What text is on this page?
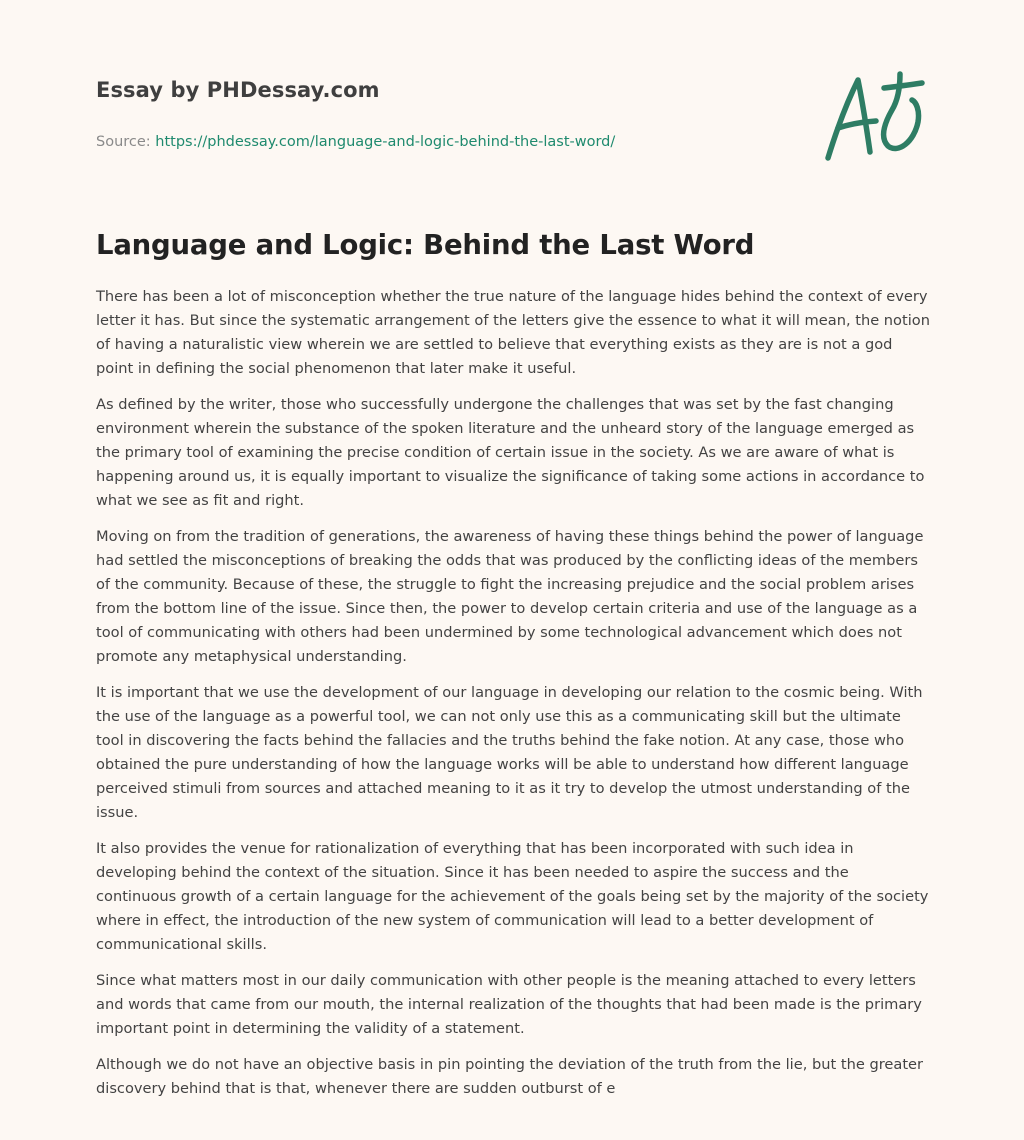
Essay by PHDessay.com
Source: https://phdessay.com/language-and-logic-behind-the-last-word/
Language and Logic: Behind the Last Word

There has been a lot of misconception whether the true nature of the language hides behind the context of every letter it has. But since the systematic arrangement of the letters give the essence to what it will mean, the notion of having a naturalistic view wherein we are settled to believe that everything exists as they are is not a god point in defining the social phenomenon that later make it useful.

As defined by the writer, those who successfully undergone the challenges that was set by the fast changing environment wherein the substance of the spoken literature and the unheard story of the language emerged as the primary tool of examining the precise condition of certain issue in the society. As we are aware of what is happening around us, it is equally important to visualize the significance of taking some actions in accordance to what we see as fit and right.

Moving on from the tradition of generations, the awareness of having these things behind the power of language had settled the misconceptions of breaking the odds that was produced by the conflicting ideas of the members of the community. Because of these, the struggle to fight the increasing prejudice and the social problem arises from the bottom line of the issue. Since then, the power to develop certain criteria and use of the language as a tool of communicating with others had been undermined by some technological advancement which does not promote any metaphysical understanding.

It is important that we use the development of our language in developing our relation to the cosmic being. With the use of the language as a powerful tool, we can not only use this as a communicating skill but the ultimate tool in discovering the facts behind the fallacies and the truths behind the fake notion. At any case, those who obtained the pure understanding of how the language works will be able to understand how different language perceived stimuli from sources and attached meaning to it as it try to develop the utmost understanding of the issue.

It also provides the venue for rationalization of everything that has been incorporated with such idea in developing behind the context of the situation. Since it has been needed to aspire the success and the continuous growth of a certain language for the achievement of the goals being set by the majority of the society where in effect, the introduction of the new system of communication will lead to a better development of communicational skills.

Since what matters most in our daily communication with other people is the meaning attached to every letters and words that came from our mouth, the internal realization of the thoughts that had been made is the primary important point in determining the validity of a statement.

Although we do not have an objective basis in pin pointing the deviation of the truth from the lie, but the greater discovery behind that is that, whenever there are sudden outburst of e
